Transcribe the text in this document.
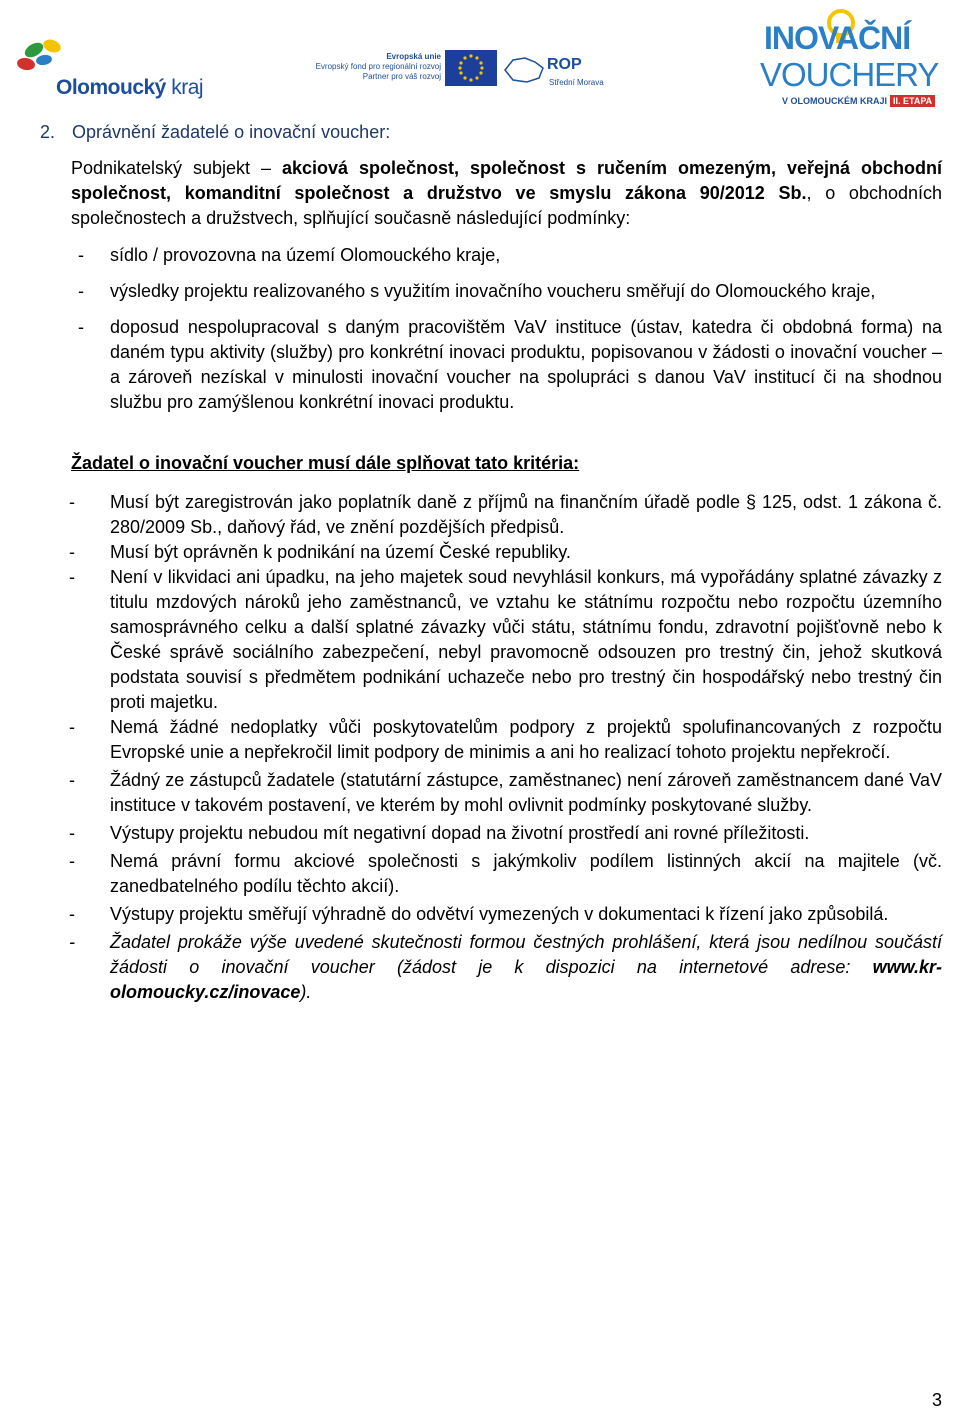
Olomoucký kraj
Evropská unie
Evropský fond pro regionální rozvoj
Partner pro váš rozvoj
ROP
Střední Morava
INOVAČNÍ
VOUCHERY
V OLOMOUCKÉM KRAJI II. ETAPA
2. Oprávnění žadatelé o inovační voucher:
Podnikatelský subjekt – akciová společnost, společnost s ručením omezeným, veřejná obchodní společnost, komanditní společnost a družstvo ve smyslu zákona 90/2012 Sb., o obchodních společnostech a družstvech, splňující současně následující podmínky:
- sídlo / provozovna na území Olomouckého kraje,
- výsledky projektu realizovaného s využitím inovačního voucheru směřují do Olomouckého kraje,
- doposud nespolupracoval s daným pracovištěm VaV instituce (ústav, katedra či obdobná forma) na daném typu aktivity (služby) pro konkrétní inovaci produktu, popisovanou v žádosti o inovační voucher – a zároveň nezískal v minulosti inovační voucher na spolupráci s danou VaV institucí či na shodnou službu pro zamýšlenou konkrétní inovaci produktu.
Žadatel o inovační voucher musí dále splňovat tato kritéria:
- Musí být zaregistrován jako poplatník daně z příjmů na finančním úřadě podle § 125, odst. 1 zákona č. 280/2009 Sb., daňový řád, ve znění pozdějších předpisů.
- Musí být oprávněn k podnikání na území České republiky.
- Není v likvidaci ani úpadku, na jeho majetek soud nevyhlásil konkurs, má vypořádány splatné závazky z titulu mzdových nároků jeho zaměstnanců, ve vztahu ke státnímu rozpočtu nebo rozpočtu územního samosprávného celku a další splatné závazky vůči státu, státnímu fondu, zdravotní pojišťovně nebo k České správě sociálního zabezpečení, nebyl pravomocně odsouzen pro trestný čin, jehož skutková podstata souvisí s předmětem podnikání uchazeče nebo pro trestný čin hospodářský nebo trestný čin proti majetku.
- Nemá žádné nedoplatky vůči poskytovatelům podpory z projektů spolufinancovaných z rozpočtu Evropské unie a nepřekročil limit podpory de minimis a ani ho realizací tohoto projektu nepřekročí.
- Žádný ze zástupců žadatele (statutární zástupce, zaměstnanec) není zároveň zaměstnancem dané VaV instituce v takovém postavení, ve kterém by mohl ovlivnit podmínky poskytované služby.
- Výstupy projektu nebudou mít negativní dopad na životní prostředí ani rovné příležitosti.
- Nemá právní formu akciové společnosti s jakýmkoliv podílem listinných akcií na majitele (vč. zanedbatelného podílu těchto akcií).
- Výstupy projektu směřují výhradně do odvětví vymezených v dokumentaci k řízení jako způsobilá.
- Žadatel prokáže výše uvedené skutečnosti formou čestných prohlášení, která jsou nedílnou součástí žádosti o inovační voucher (žádost je k dispozici na internetové adrese: www.kr-olomoucky.cz/inovace).
3
